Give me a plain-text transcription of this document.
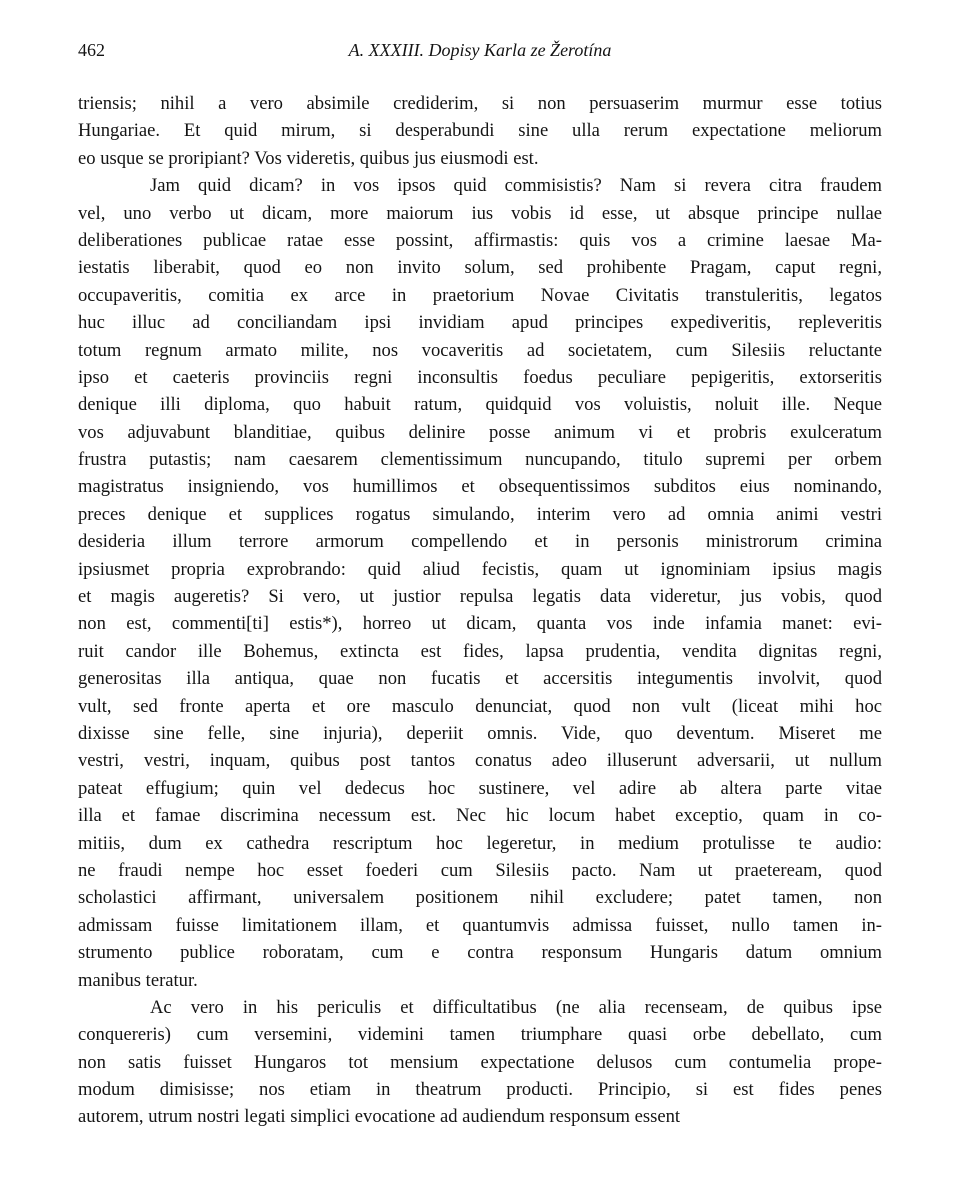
462	A. XXXIII. Dopisy Karla ze Žerotína
triensis; nihil a vero absimile crediderim, si non persuaserim murmur esse totius
Hungariae. Et quid mirum, si desperabundi sine ulla rerum expectatione meliorum
eo usque se proripiant? Vos videretis, quibus jus eiusmodi est.
Jam quid dicam? in vos ipsos quid commisistis? Nam si revera citra fraudem
vel, uno verbo ut dicam, more maiorum ius vobis id esse, ut absque principe nullae
deliberationes publicae ratae esse possint, affirmastis: quis vos a crimine laesae Ma-
iestatis liberabit, quod eo non invito solum, sed prohibente Pragam, caput regni,
occupaveritis, comitia ex arce in praetorium Novae Civitatis transtuleritis, legatos
huc illuc ad conciliandam ipsi invidiam apud principes expediveritis, repleveritis
totum regnum armato milite, nos vocaveritis ad societatem, cum Silesiis reluctante
ipso et caeteris provinciis regni inconsultis foedus peculiare pepigeritis, extorseritis
denique illi diploma, quo habuit ratum, quidquid vos voluistis, noluit ille. Neque
vos adjuvabunt blanditiae, quibus delinire posse animum vi et probris exulceratum
frustra putastis; nam caesarem clementissimum nuncupando, titulo supremi per orbem
magistratus insigniendo, vos humillimos et obsequentissimos subditos eius nominando,
preces denique et supplices rogatus simulando, interim vero ad omnia animi vestri
desideria illum terrore armorum compellendo et in personis ministrorum crimina
ipsiusmet propria exprobrando: quid aliud fecistis, quam ut ignominiam ipsius magis
et magis augeretis? Si vero, ut justior repulsa legatis data videretur, jus vobis, quod
non est, commenti[ti] estis*), horreo ut dicam, quanta vos inde infamia manet: evi-
ruit candor ille Bohemus, extincta est fides, lapsa prudentia, vendita dignitas regni,
generositas illa antiqua, quae non fucatis et accersitis integumentis involvit, quod
vult, sed fronte aperta et ore masculo denunciat, quod non vult (liceat mihi hoc
dixisse sine felle, sine injuria), deperiit omnis. Vide, quo deventum. Miseret me
vestri, vestri, inquam, quibus post tantos conatus adeo illuserunt adversarii, ut nullum
pateat effugium; quin vel dedecus hoc sustinere, vel adire ab altera parte vitae
illa et famae discrimina necessum est. Nec hic locum habet exceptio, quam in co-
mitiis, dum ex cathedra rescriptum hoc legeretur, in medium protulisse te audio:
ne fraudi nempe hoc esset foederi cum Silesiis pacto. Nam ut praeteream, quod
scholastici affirmant, universalem positionem nihil excludere; patet tamen, non
admissam fuisse limitationem illam, et quantumvis admissa fuisset, nullo tamen in-
strumento publice roboratam, cum e contra responsum Hungaris datum omnium
manibus teratur.
Ac vero in his periculis et difficultatibus (ne alia recenseam, de quibus ipse
conquereris) cum versemini, videmini tamen triumphare quasi orbe debellato, cum
non satis fuisset Hungaros tot mensium expectatione delusos cum contumelia prope-
modum dimisisse; nos etiam in theatrum producti. Principio, si est fides penes
autorem, utrum nostri legati simplici evocatione ad audiendum responsum essent
